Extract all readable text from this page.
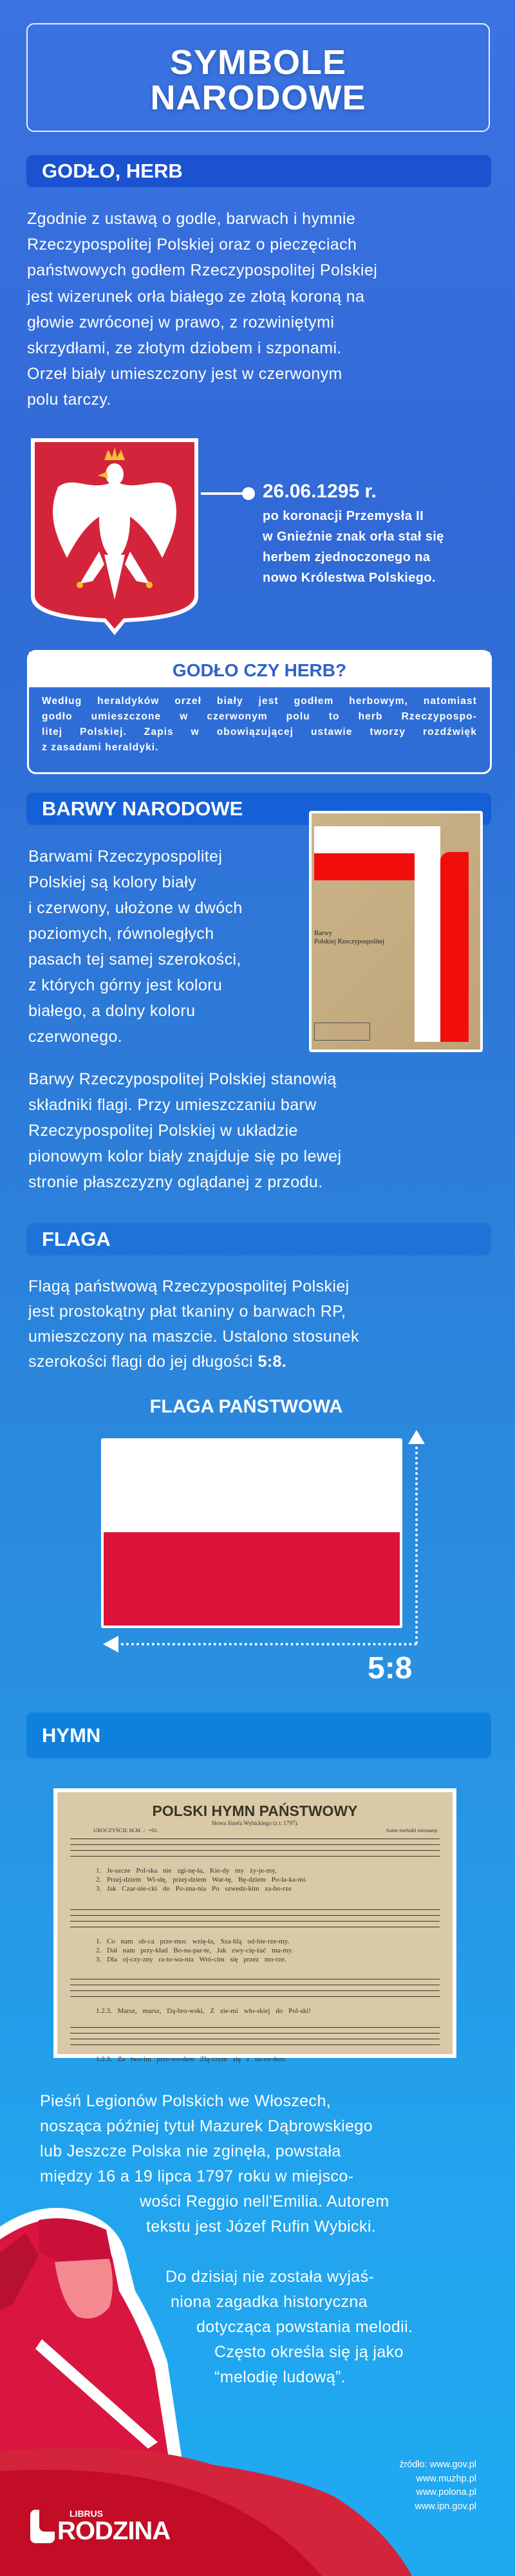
SYMBOLE
NARODOWE
GODŁO, HERB
Zgodnie z ustawą o godle, barwach i hymnie
Rzeczypospolitej Polskiej oraz o pieczęciach
państwowych godłem Rzeczypospolitej Polskiej
jest wizerunek orła białego ze złotą koroną na
głowie zwróconej w prawo, z rozwiniętymi
skrzydłami, ze złotym dziobem i szponami.
Orzeł biały umieszczony jest w czerwonym
polu tarczy.
26.06.1295 r.
po koronacji Przemysła II
w Gnieźnie znak orła stał się
herbem zjednoczonego na
nowo Królestwa Polskiego.
GODŁO CZY HERB?
Według heraldyków orzeł biały jest godłem herbowym, natomiast
godło umieszczone w czerwonym polu to herb Rzeczypospo-
litej Polskiej. Zapis w obowiązującej ustawie tworzy rozdźwięk
z zasadami heraldyki.
BARWY NARODOWE
Barwy
Polskiej Rzeczypospolitej
Barwami Rzeczypospolitej
Polskiej są kolory biały
i czerwony, ułożone w dwóch
poziomych, równoległych
pasach tej samej szerokości,
z których górny jest koloru
białego, a dolny koloru
czerwonego.
Barwy Rzeczypospolitej Polskiej stanowią
składniki flagi. Przy umieszczaniu barw
Rzeczypospolitej Polskiej w układzie
pionowym kolor biały znajduje się po lewej
stronie płaszczyzny oglądanej z przodu.
FLAGA
Flagą państwową Rzeczypospolitej Polskiej
jest prostokątny płat tkaniny o barwach RP,
umieszczony na maszcie. Ustalono stosunek
szerokości flagi do jej długości 5:8.
FLAGA PAŃSTWOWA
5:8
HYMN
POLSKI HYMN PAŃSTWOWY
Słowa Józefa Wybickiego (z r. 1797).
UROCZYŚCIE M.M. ♩=92.	Autor melodii nieznany.
1. Je-szcze Pol-ska nie zgi-nę-ła, Kie-dy my ży-je-my,
2. Przej-dziem Wi-słę, przej-dziem War-tę, Bę-dziem Po-la-ka-mi.
3. Jak Czar-nie-cki do Po-zna-nia Po szwedz-kim za-bo-rze
1. Co nam ob-ca prze-moc wzię-ła, Sza-blą od-bie-rze-my.
2. Dał nam przy-kład Bo-na-par-te, Jak zwy-cię-żać ma-my.
3. Dla oj-czy-zny ra-to-wa-nia Wró-cim się przez mo-rze.
1.2.3. Marsz, marsz, Dą-bro-wski, Z zie-mi wło-skiej do Pol-ski!
1.2.3. Za two-im prze-wo-dem Złą-czym się z na-ro-dem.
Pieśń Legionów Polskich we Włoszech,
nosząca później tytuł Mazurek Dąbrowskiego
lub Jeszcze Polska nie zginęła, powstała
między 16 a 19 lipca 1797 roku w miejsco-
wości Reggio nell'Emilia. Autorem
tekstu jest Józef Rufin Wybicki.
Do dzisiaj nie została wyjaś-
niona zagadka historyczna
dotycząca powstania melodii.
Często określa się ją jako
“melodię ludową”.
źródło: www.gov.pl
www.muzhp.pl
www.polona.pl
www.ipn.gov.pl
LIBRUS
RODZINA
